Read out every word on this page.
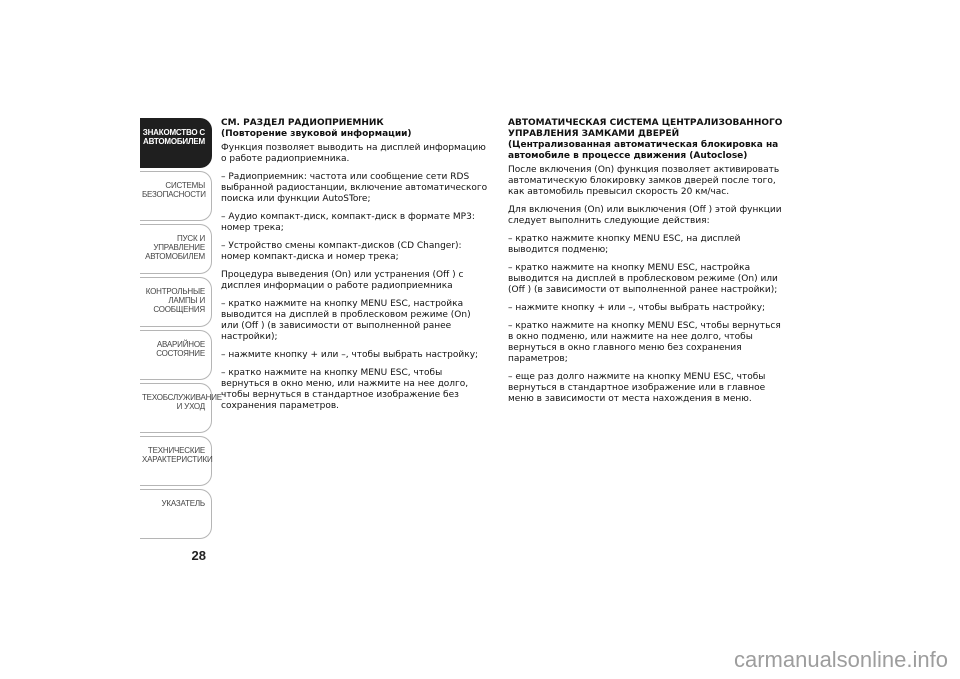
ЗНАКОМСТВО С
АВТОМОБИЛЕМ
СИСТЕМЫ
БЕЗОПАСНОСТИ
ПУСК И УПРАВЛЕНИЕ
АВТОМОБИЛЕМ
КОНТРОЛЬНЫЕ
ЛАМПЫ И
СООБЩЕНИЯ
АВАРИЙНОЕ
СОСТОЯНИЕ
ТЕХОБСЛУЖИВАНИЕ
И УХОД
ТЕХНИЧЕСКИЕ
ХАРАКТЕРИСТИКИ
УКАЗАТЕЛЬ
28
СМ. РАЗДЕЛ РАДИОПРИЕМНИК
(Повторение звуковой информации)

Функция позволяет выводить на дисплей информацию о работе радиоприемника.

– Радиоприемник: частота или сообщение сети RDS выбранной радиостанции, включение автоматического поиска или функции AutoSTore;

– Аудио компакт-диск, компакт-диск в формате MP3: номер трека;

– Устройство смены компакт-дисков (CD Changer): номер компакт-диска и номер трека;

Процедура выведения (On) или устранения (Off ) с дисплея информации о работе радиоприемника

– кратко нажмите на кнопку MENU ESC, настройка выводится на дисплей в проблесковом режиме (On) или (Off ) (в зависимости от выполненной ранее настройки);

– нажмите кнопку + или –, чтобы выбрать настройку;

– кратко нажмите на кнопку MENU ESC, чтобы вернуться в окно меню, или нажмите на нее долго, чтобы вернуться в стандартное изображение без сохранения параметров.

АВТОМАТИЧЕСКАЯ СИСТЕМА ЦЕНТРАЛИЗОВАННОГО УПРАВЛЕНИЯ ЗАМКАМИ ДВЕРЕЙ
(Централизованная автоматическая блокировка на автомобиле в процессе движения (Autoclose)

После включения (On) функция позволяет активировать автоматическую блокировку замков дверей после того, как автомобиль превысил скорость 20 км/час.

Для включения (On) или выключения (Off ) этой функции следует выполнить следующие действия:

– кратко нажмите кнопку MENU ESC, на дисплей выводится подменю;

– кратко нажмите на кнопку MENU ESC, настройка выводится на дисплей в проблесковом режиме (On) или (Off ) (в зависимости от выполненной ранее настройки);

– нажмите кнопку + или –, чтобы выбрать настройку;

– кратко нажмите на кнопку MENU ESC, чтобы вернуться в окно подменю, или нажмите на нее долго, чтобы вернуться в окно главного меню без сохранения параметров;

– еще раз долго нажмите на кнопку MENU ESC, чтобы вернуться в стандартное изображение или в главное меню в зависимости от места нахождения в меню.

carmanualsonline.info
